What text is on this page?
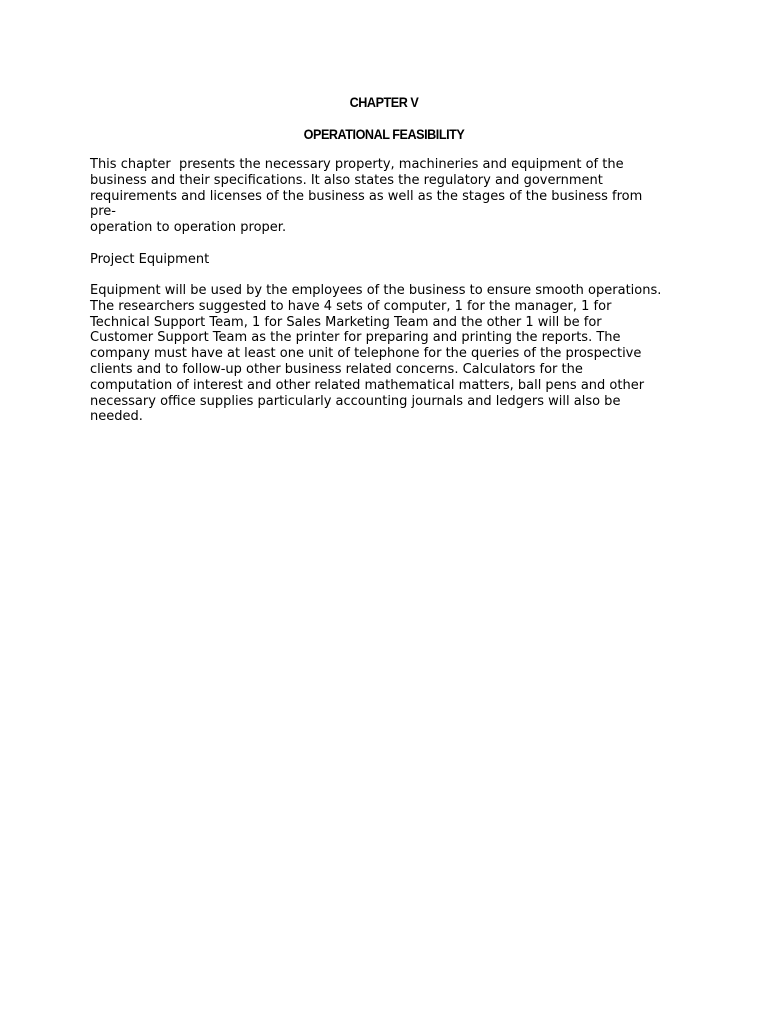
CHAPTER V
OPERATIONAL FEASIBILITY
This chapter  presents the necessary property, machineries and equipment of the
business and their specifications. It also states the regulatory and government
requirements and licenses of the business as well as the stages of the business from
pre-
operation to operation proper.
Project Equipment
Equipment will be used by the employees of the business to ensure smooth operations.
The researchers suggested to have 4 sets of computer, 1 for the manager, 1 for
Technical Support Team, 1 for Sales Marketing Team and the other 1 will be for
Customer Support Team as the printer for preparing and printing the reports. The
company must have at least one unit of telephone for the queries of the prospective
clients and to follow-up other business related concerns. Calculators for the
computation of interest and other related mathematical matters, ball pens and other
necessary office supplies particularly accounting journals and ledgers will also be
needed.
